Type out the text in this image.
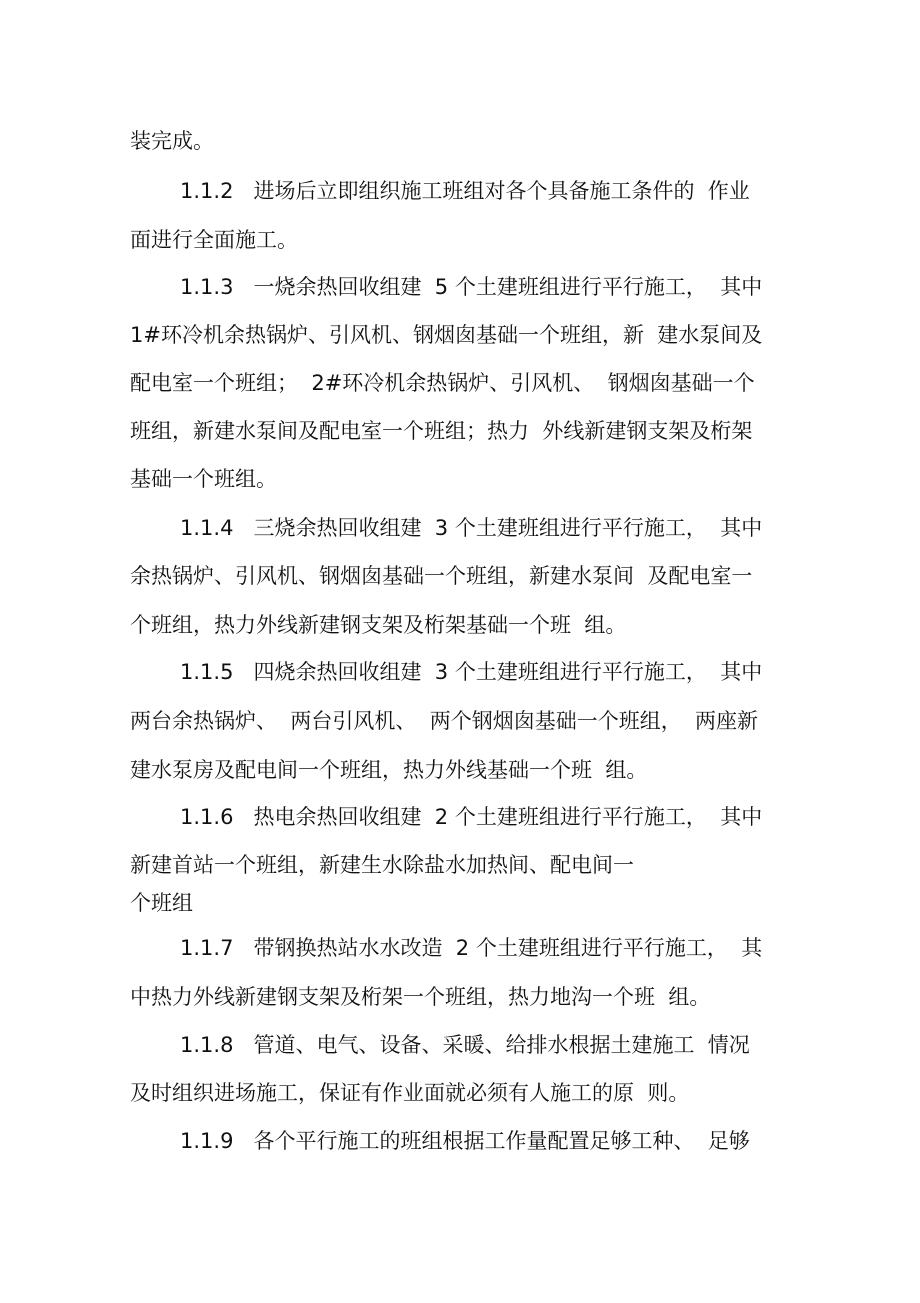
装完成。

1.1.2   进场后立即组织施工班组对各个具备施工条件的  作业

面进行全面施工。

1.1.3   一烧余热回收组建  5 个土建班组进行平行施工，  其中

1#环冷机余热锅炉、引风机、钢烟囱基础一个班组，新  建水泵间及

配电室一个班组；  2#环冷机余热锅炉、引风机、  钢烟囱基础一个

班组，新建水泵间及配电室一个班组；热力  外线新建钢支架及桁架

基础一个班组。

1.1.4   三烧余热回收组建  3 个土建班组进行平行施工，  其中

余热锅炉、引风机、钢烟囱基础一个班组，新建水泵间  及配电室一

个班组，热力外线新建钢支架及桁架基础一个班  组。

1.1.5   四烧余热回收组建  3 个土建班组进行平行施工，  其中

两台余热锅炉、  两台引风机、  两个钢烟囱基础一个班组，  两座新

建水泵房及配电间一个班组，热力外线基础一个班  组。

1.1.6   热电余热回收组建  2 个土建班组进行平行施工，  其中

新建首站一个班组，新建生水除盐水加热间、配电间一

个班组

1.1.7   带钢换热站水水改造  2 个土建班组进行平行施工，  其

中热力外线新建钢支架及桁架一个班组，热力地沟一个班  组。

1.1.8   管道、电气、设备、采暖、给排水根据土建施工  情况

及时组织进场施工，保证有作业面就必须有人施工的原  则。

1.1.9   各个平行施工的班组根据工作量配置足够工种、  足够
